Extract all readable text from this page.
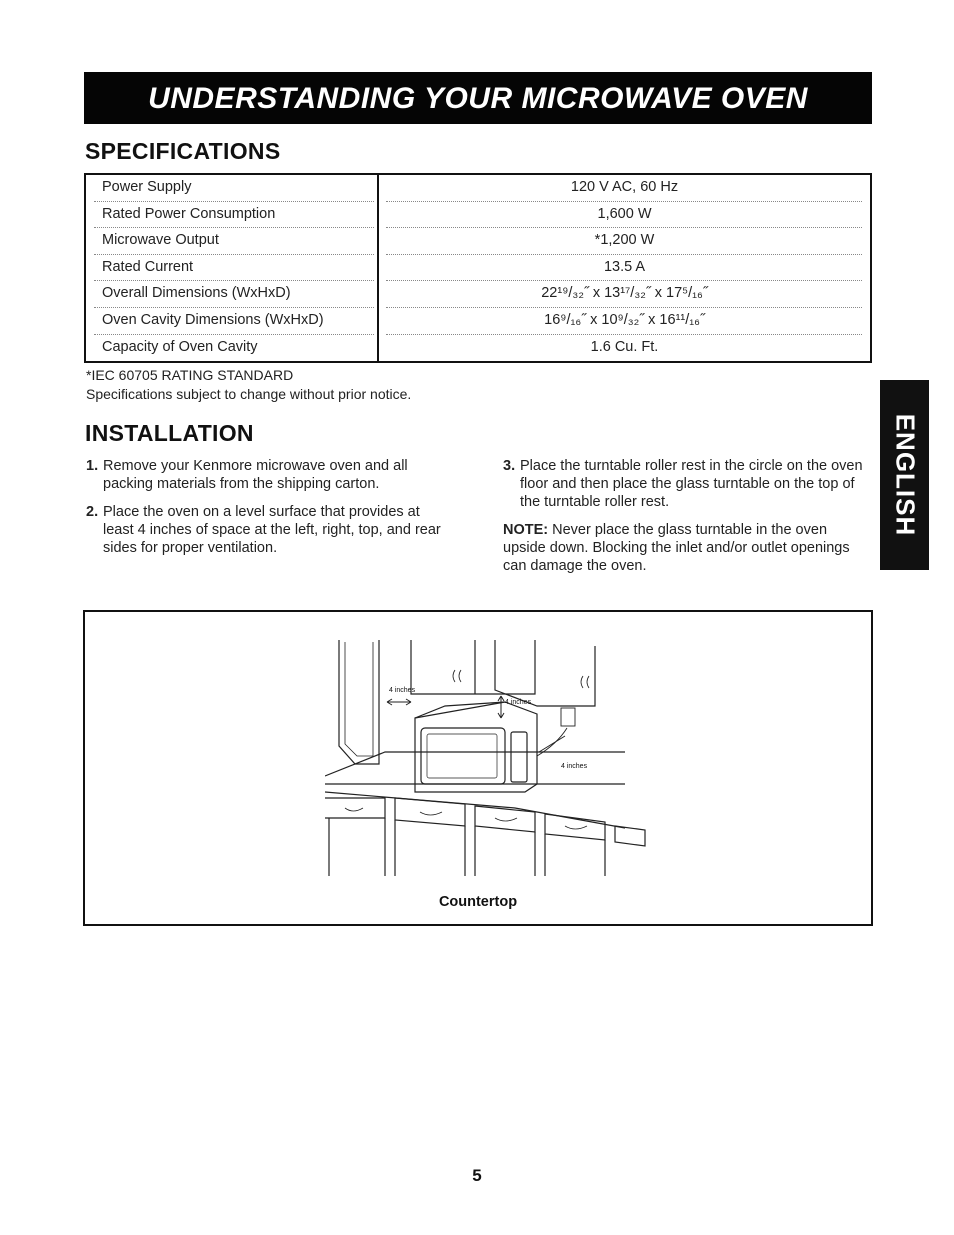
UNDERSTANDING YOUR MICROWAVE OVEN
SPECIFICATIONS
Power Supply	120 V AC, 60 Hz
Rated Power Consumption	1,600 W
Microwave Output	*1,200 W
Rated Current	13.5 A
Overall Dimensions (WxHxD)	22¹⁹/₃₂˝ x 13¹⁷/₃₂˝ x 17⁵/₁₆˝
Oven Cavity Dimensions (WxHxD)	16⁹/₁₆˝ x 10⁹/₃₂˝ x 16¹¹/₁₆˝
Capacity of Oven Cavity	1.6 Cu. Ft.
*IEC 60705 RATING STANDARD
Specifications subject to change without prior notice.
INSTALLATION
1. Remove your Kenmore microwave oven and all packing materials from the shipping carton.
2. Place the oven on a level surface that provides at least 4 inches of space at the left, right, top, and rear sides for proper ventilation.
3. Place the turntable roller rest in the circle on the oven floor and then place the glass turntable on the top of the turntable roller rest.
NOTE: Never place the glass turntable in the oven upside down. Blocking the inlet and/or outlet openings can damage the oven.
ENGLISH
4 inches
4 inches
4 inches
Countertop
5
